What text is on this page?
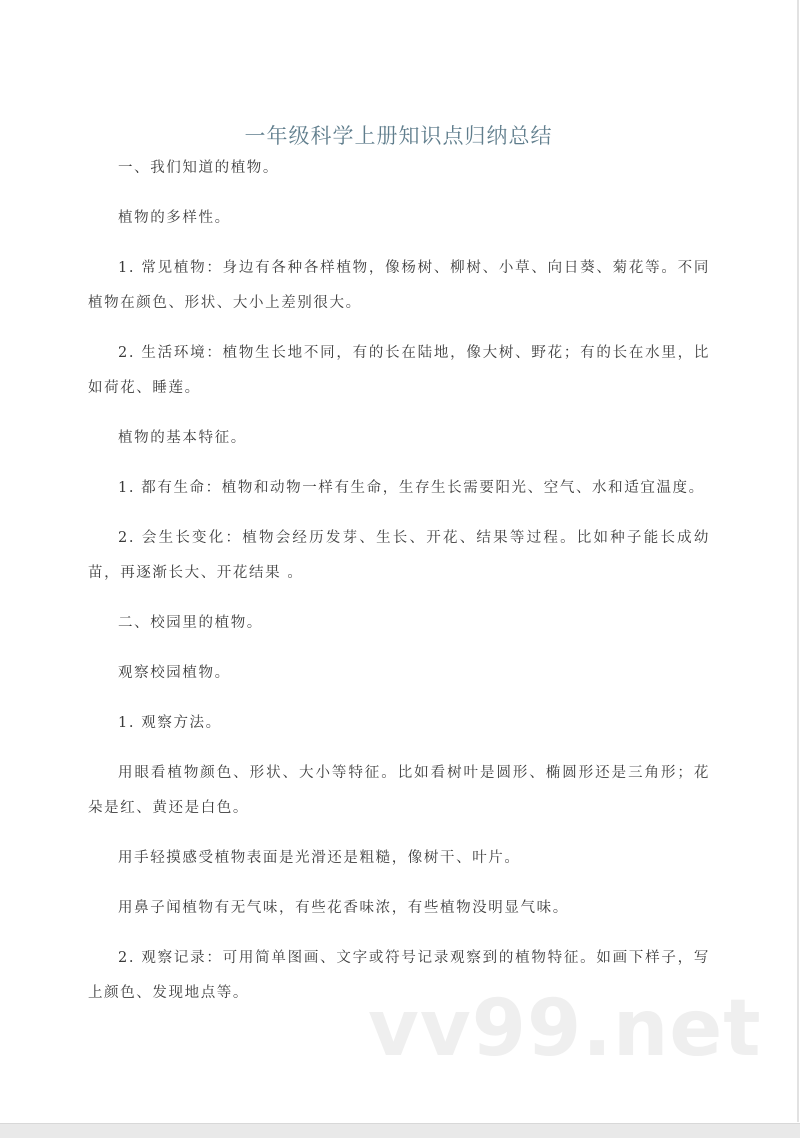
一年级科学上册知识点归纳总结

一、我们知道的植物。

植物的多样性。

1. 常见植物：身边有各种各样植物，像杨树、柳树、小草、向日葵、菊花等。不同植物在颜色、形状、大小上差别很大。

2. 生活环境：植物生长地不同，有的长在陆地，像大树、野花；有的长在水里，比如荷花、睡莲。

植物的基本特征。

1. 都有生命：植物和动物一样有生命，生存生长需要阳光、空气、水和适宜温度。

2. 会生长变化：植物会经历发芽、生长、开花、结果等过程。比如种子能长成幼苗，再逐渐长大、开花结果 。

二、校园里的植物。

观察校园植物。

1. 观察方法。

用眼看植物颜色、形状、大小等特征。比如看树叶是圆形、椭圆形还是三角形；花朵是红、黄还是白色。

用手轻摸感受植物表面是光滑还是粗糙，像树干、叶片。

用鼻子闻植物有无气味，有些花香味浓，有些植物没明显气味。

2. 观察记录：可用简单图画、文字或符号记录观察到的植物特征。如画下样子，写上颜色、发现地点等。	vv99.net
